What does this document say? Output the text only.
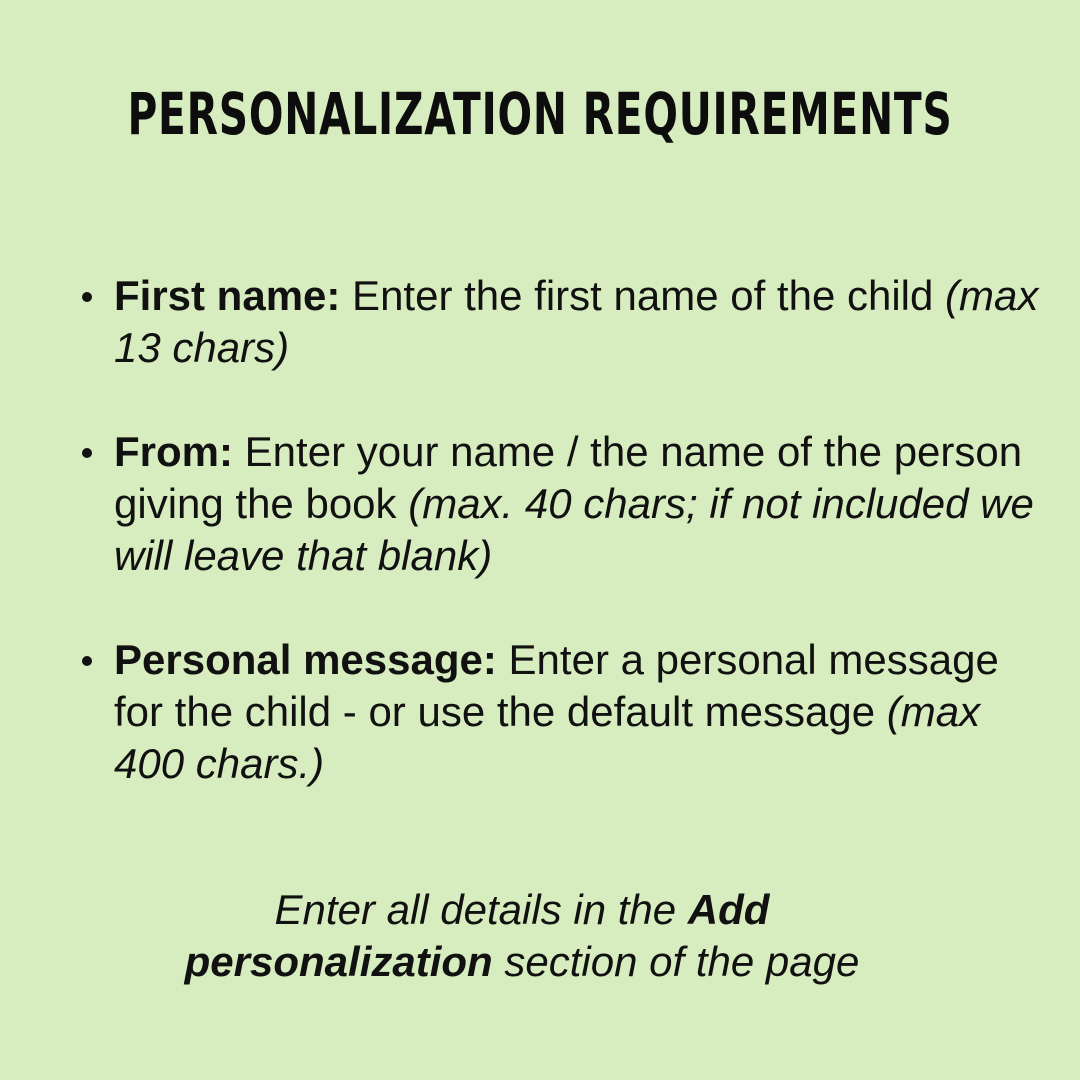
PERSONALIZATION REQUIREMENTS
First name: Enter the first name of the child (max 13 chars)
From: Enter your name / the name of the person giving the book (max. 40 chars; if not included we will leave that blank)
Personal message: Enter a personal message for the child - or use the default message (max 400 chars.)
Enter all details in the Add
personalization section of the page
